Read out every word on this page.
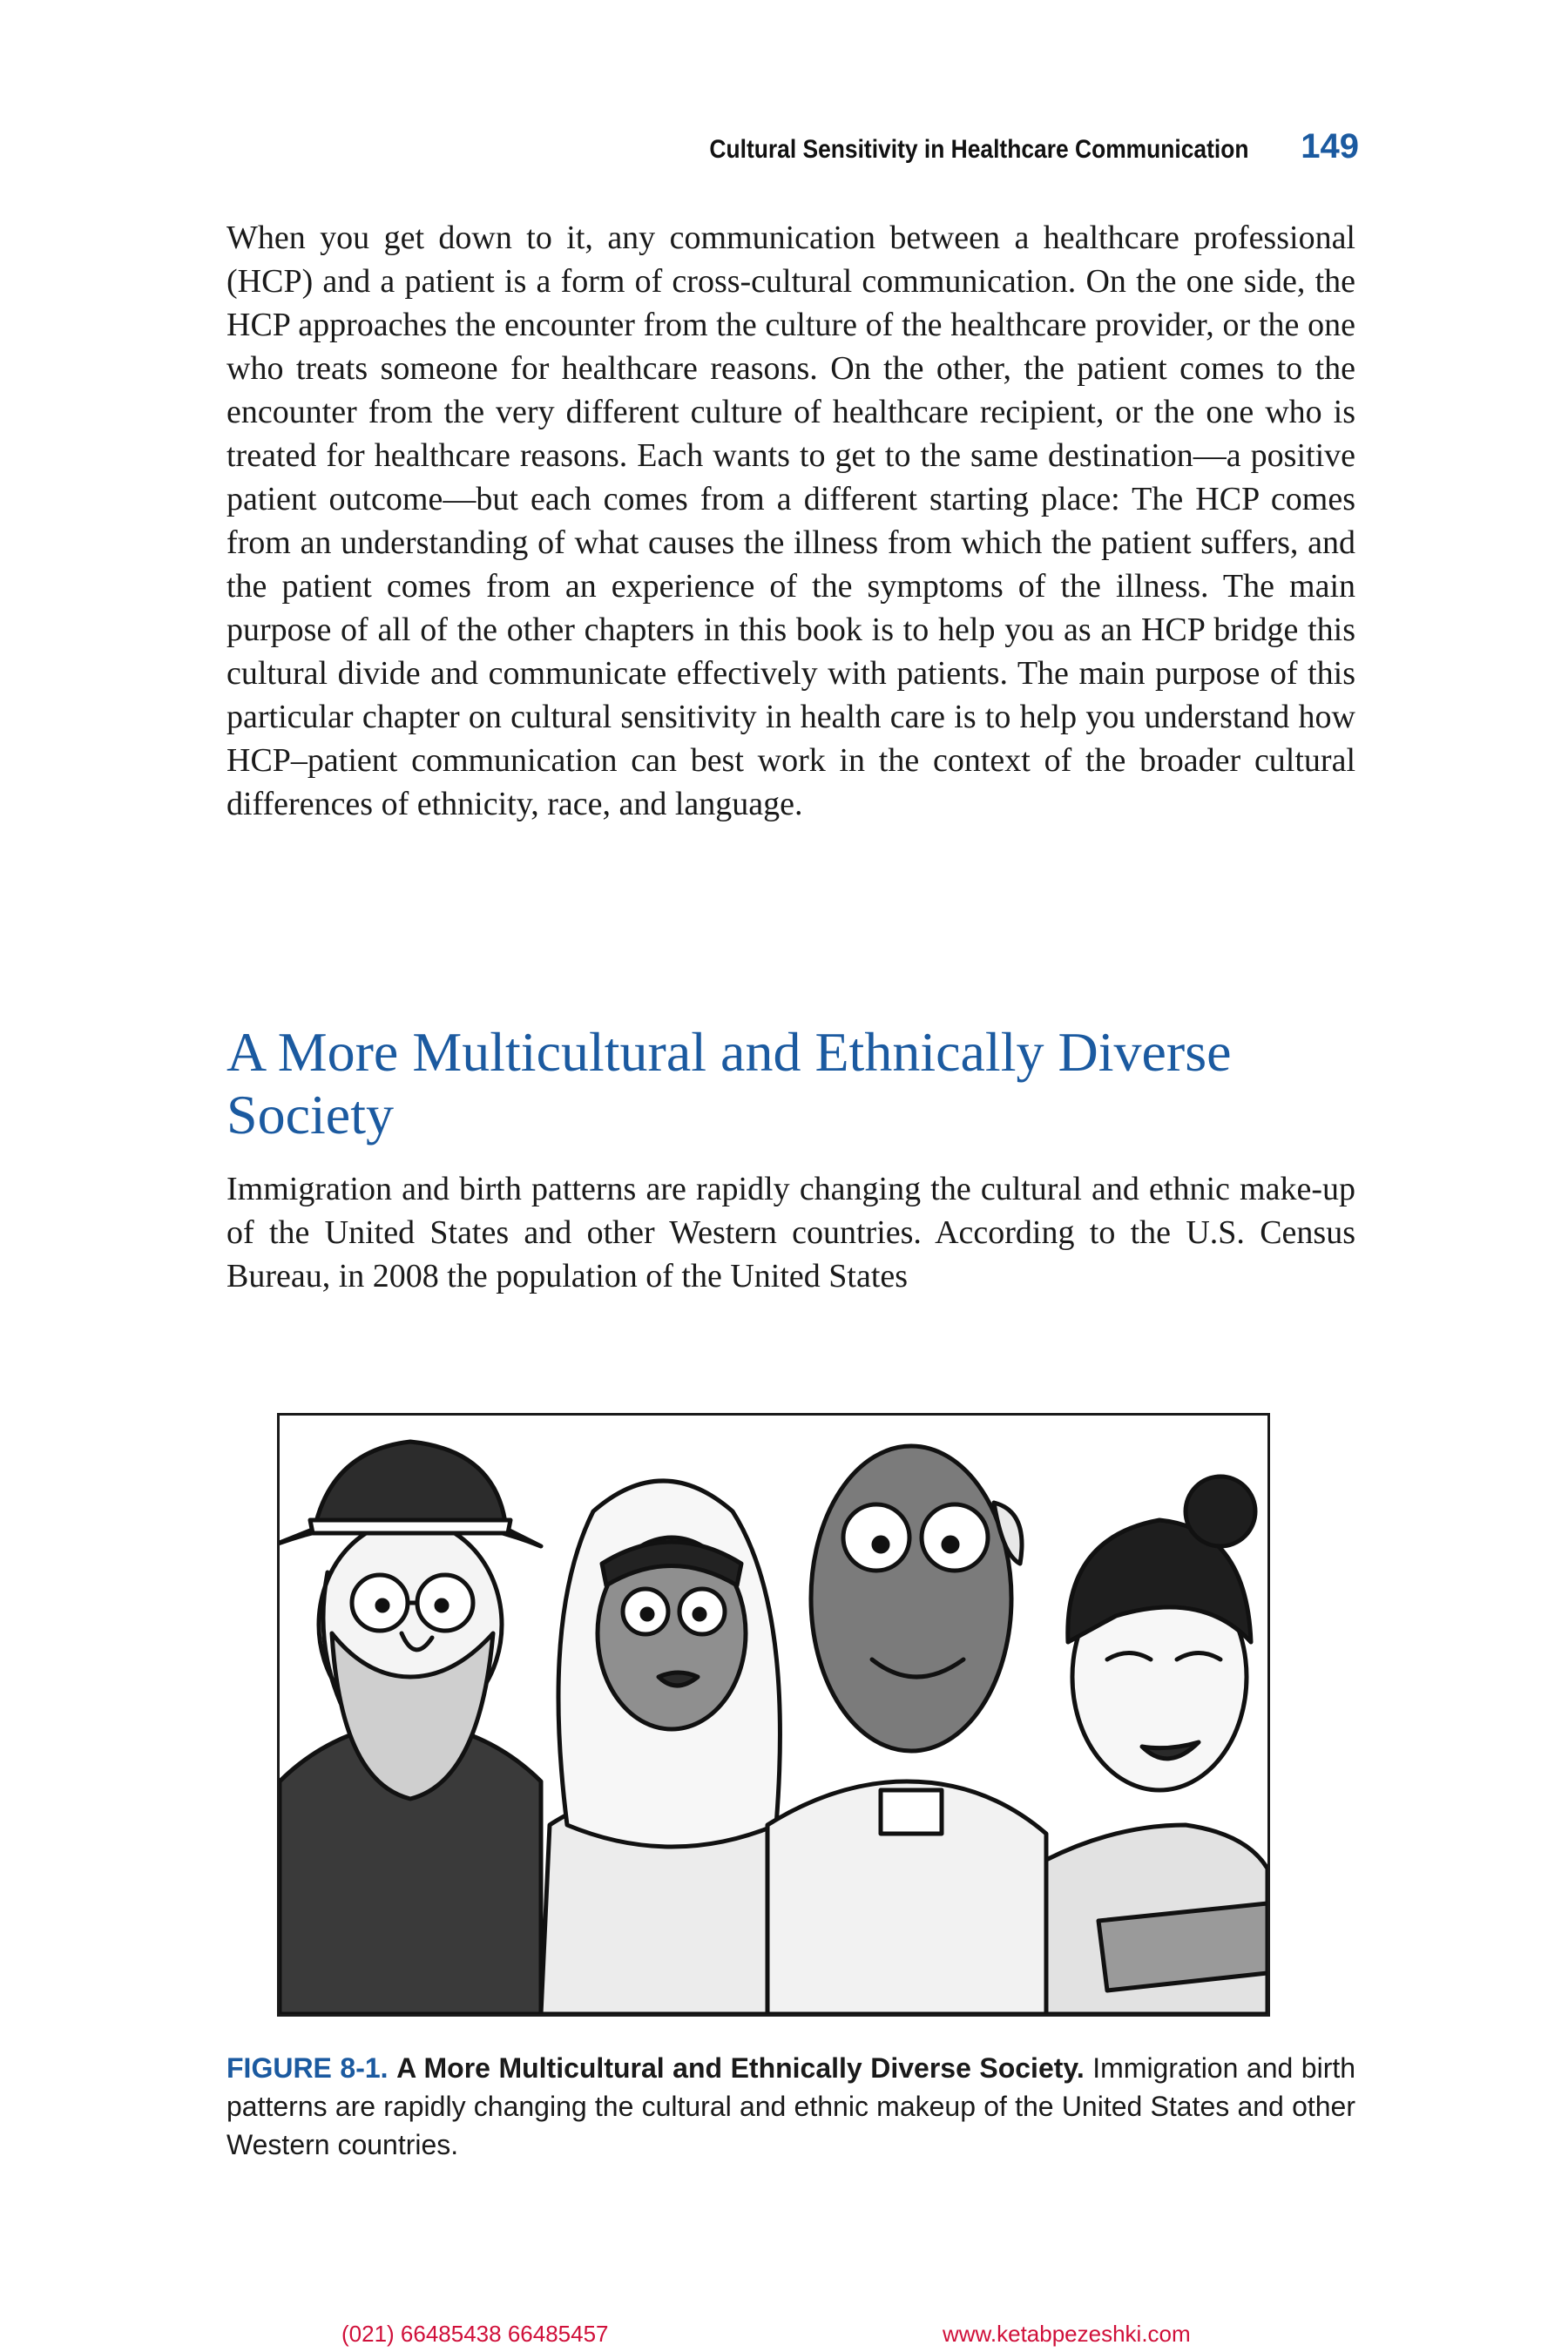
Cultural Sensitivity in Healthcare Communication 149

When you get down to it, any communication between a healthcare professional (HCP) and a patient is a form of cross-cultural communication. On the one side, the HCP approaches the encounter from the culture of the healthcare provider, or the one who treats someone for healthcare reasons. On the other, the patient comes to the encounter from the very different culture of healthcare recipient, or the one who is treated for healthcare reasons. Each wants to get to the same destination—a positive patient outcome—but each comes from a different starting place: The HCP comes from an understanding of what causes the illness from which the patient suffers, and the patient comes from an experience of the symptoms of the illness. The main purpose of all of the other chapters in this book is to help you as an HCP bridge this cultural divide and communicate effectively with patients. The main purpose of this particular chapter on cultural sensitivity in health care is to help you understand how HCP–patient communication can best work in the context of the broader cultural differences of ethnicity, race, and language.

A More Multicultural and Ethnically Diverse Society

Immigration and birth patterns are rapidly changing the cultural and ethnic make-up of the United States and other Western countries. According to the U.S. Census Bureau, in 2008 the population of the United States

FIGURE 8-1. A More Multicultural and Ethnically Diverse Society. Immigration and birth patterns are rapidly changing the cultural and ethnic makeup of the United States and other Western countries.

(021) 66485438 66485457	www.ketabpezeshki.com
